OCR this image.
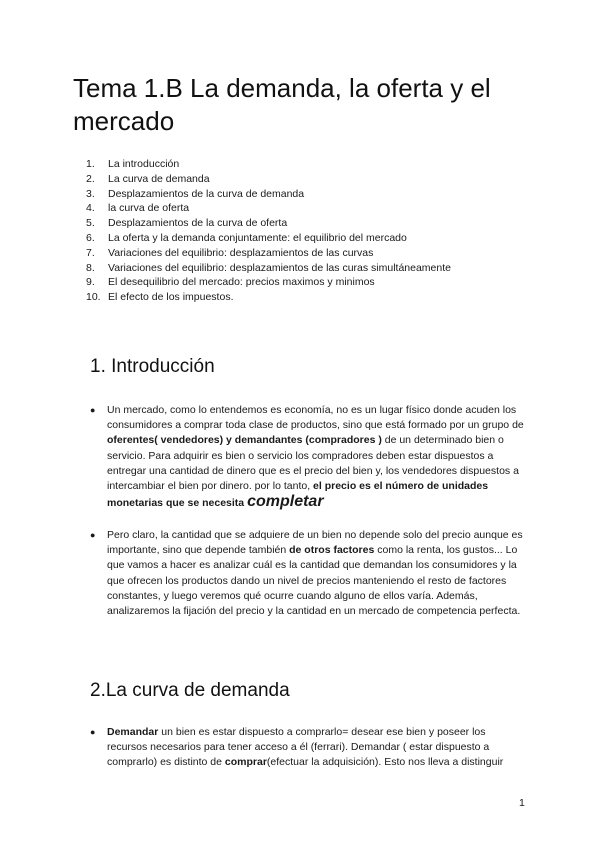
Tema 1.B La demanda, la oferta y el mercado
1. La introducción
2. La curva de demanda
3. Desplazamientos de la curva de demanda
4. la curva de oferta
5. Desplazamientos de la curva de oferta
6. La oferta y la demanda conjuntamente: el equilibrio del mercado
7. Variaciones del equilibrio: desplazamientos de las curvas
8. Variaciones del equilibrio: desplazamientos de las curas simultáneamente
9. El desequilibrio del mercado: precios maximos y minimos
10. El efecto de los impuestos.
1. Introducción
● Un mercado, como lo entendemos es economía, no es un lugar físico donde acuden los consumidores a comprar toda clase de productos, sino que está formado por un grupo de oferentes( vendedores) y demandantes (compradores ) de un determinado bien o servicio. Para adquirir es bien o servicio los compradores deben estar dispuestos a entregar una cantidad de dinero que es el precio del bien y, los vendedores dispuestos a intercambiar el bien por dinero. por lo tanto, el precio es el número de unidades monetarias que se necesita completar

● Pero claro, la cantidad que se adquiere de un bien no depende solo del precio aunque es importante, sino que depende también de otros factores como la renta, los gustos... Lo que vamos a hacer es analizar cuál es la cantidad que demandan los consumidores y la que ofrecen los productos dando un nivel de precios manteniendo el resto de factores constantes, y luego veremos qué ocurre cuando alguno de ellos varía. Además, analizaremos la fijación del precio y la cantidad en un mercado de competencia perfecta.

2.La curva de demanda
● Demandar un bien es estar dispuesto a comprarlo= desear ese bien y poseer los recursos necesarios para tener acceso a él (ferrari). Demandar ( estar dispuesto a comprarlo) es distinto de comprar(efectuar la adquisición). Esto nos lleva a distinguir

1
